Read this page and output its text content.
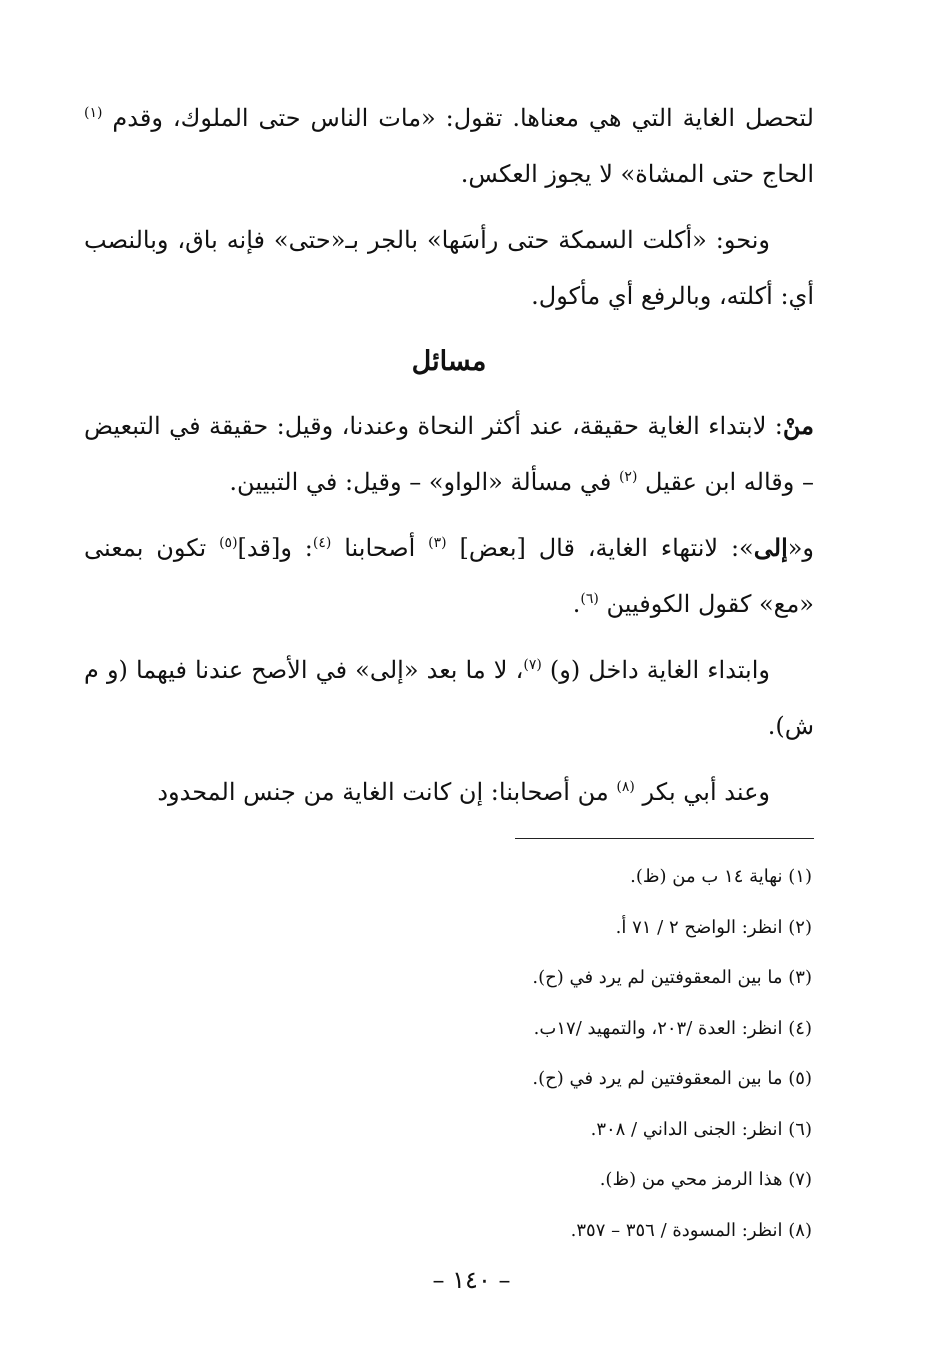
لتحصل الغاية التي هي معناها. تقول: «مات الناس حتى الملوك، وقدم $^{(١)}$ الحاج حتى المشاة» لا يجوز العكس.

ونحو: «أكلت السمكة حتى رأسَها» بالجر بـ«حتى» فإنه باق، وبالنصب أي: أكلته، وبالرفع أي مأكول.

مسائل

منْ: لابتداء الغاية حقيقة، عند أكثر النحاة وعندنا، وقيل: حقيقة في التبعيض – وقاله ابن عقيل $^{(٢)}$ في مسألة «الواو» – وقيل: في التبيين.

و«إلى»: لانتهاء الغاية، قال [بعض] $^{(٣)}$ أصحابنا $^{(٤)}$: و[قد]$^{(٥)}$ تكون بمعنى «مع» كقول الكوفيين $^{(٦)}$.

وابتداء الغاية داخل (و) $^{(٧)}$، لا ما بعد «إلى» في الأصح عندنا فيهما (و م ش).

وعند أبي بكر $^{(٨)}$ من أصحابنا: إن كانت الغاية من جنس المحدود

(١) نهاية ١٤ ب من (ظ).
(٢) انظر: الواضح ٢ / ٧١ أ.
(٣) ما بين المعقوفتين لم يرد في (ح).
(٤) انظر: العدة /٢٠٣، والتمهيد /١٧ب.
(٥) ما بين المعقوفتين لم يرد في (ح).
(٦) انظر: الجنى الداني / ٣٠٨.
(٧) هذا الرمز محي من (ظ).
(٨) انظر: المسودة / ٣٥٦ – ٣٥٧.
– ١٤٠ –
